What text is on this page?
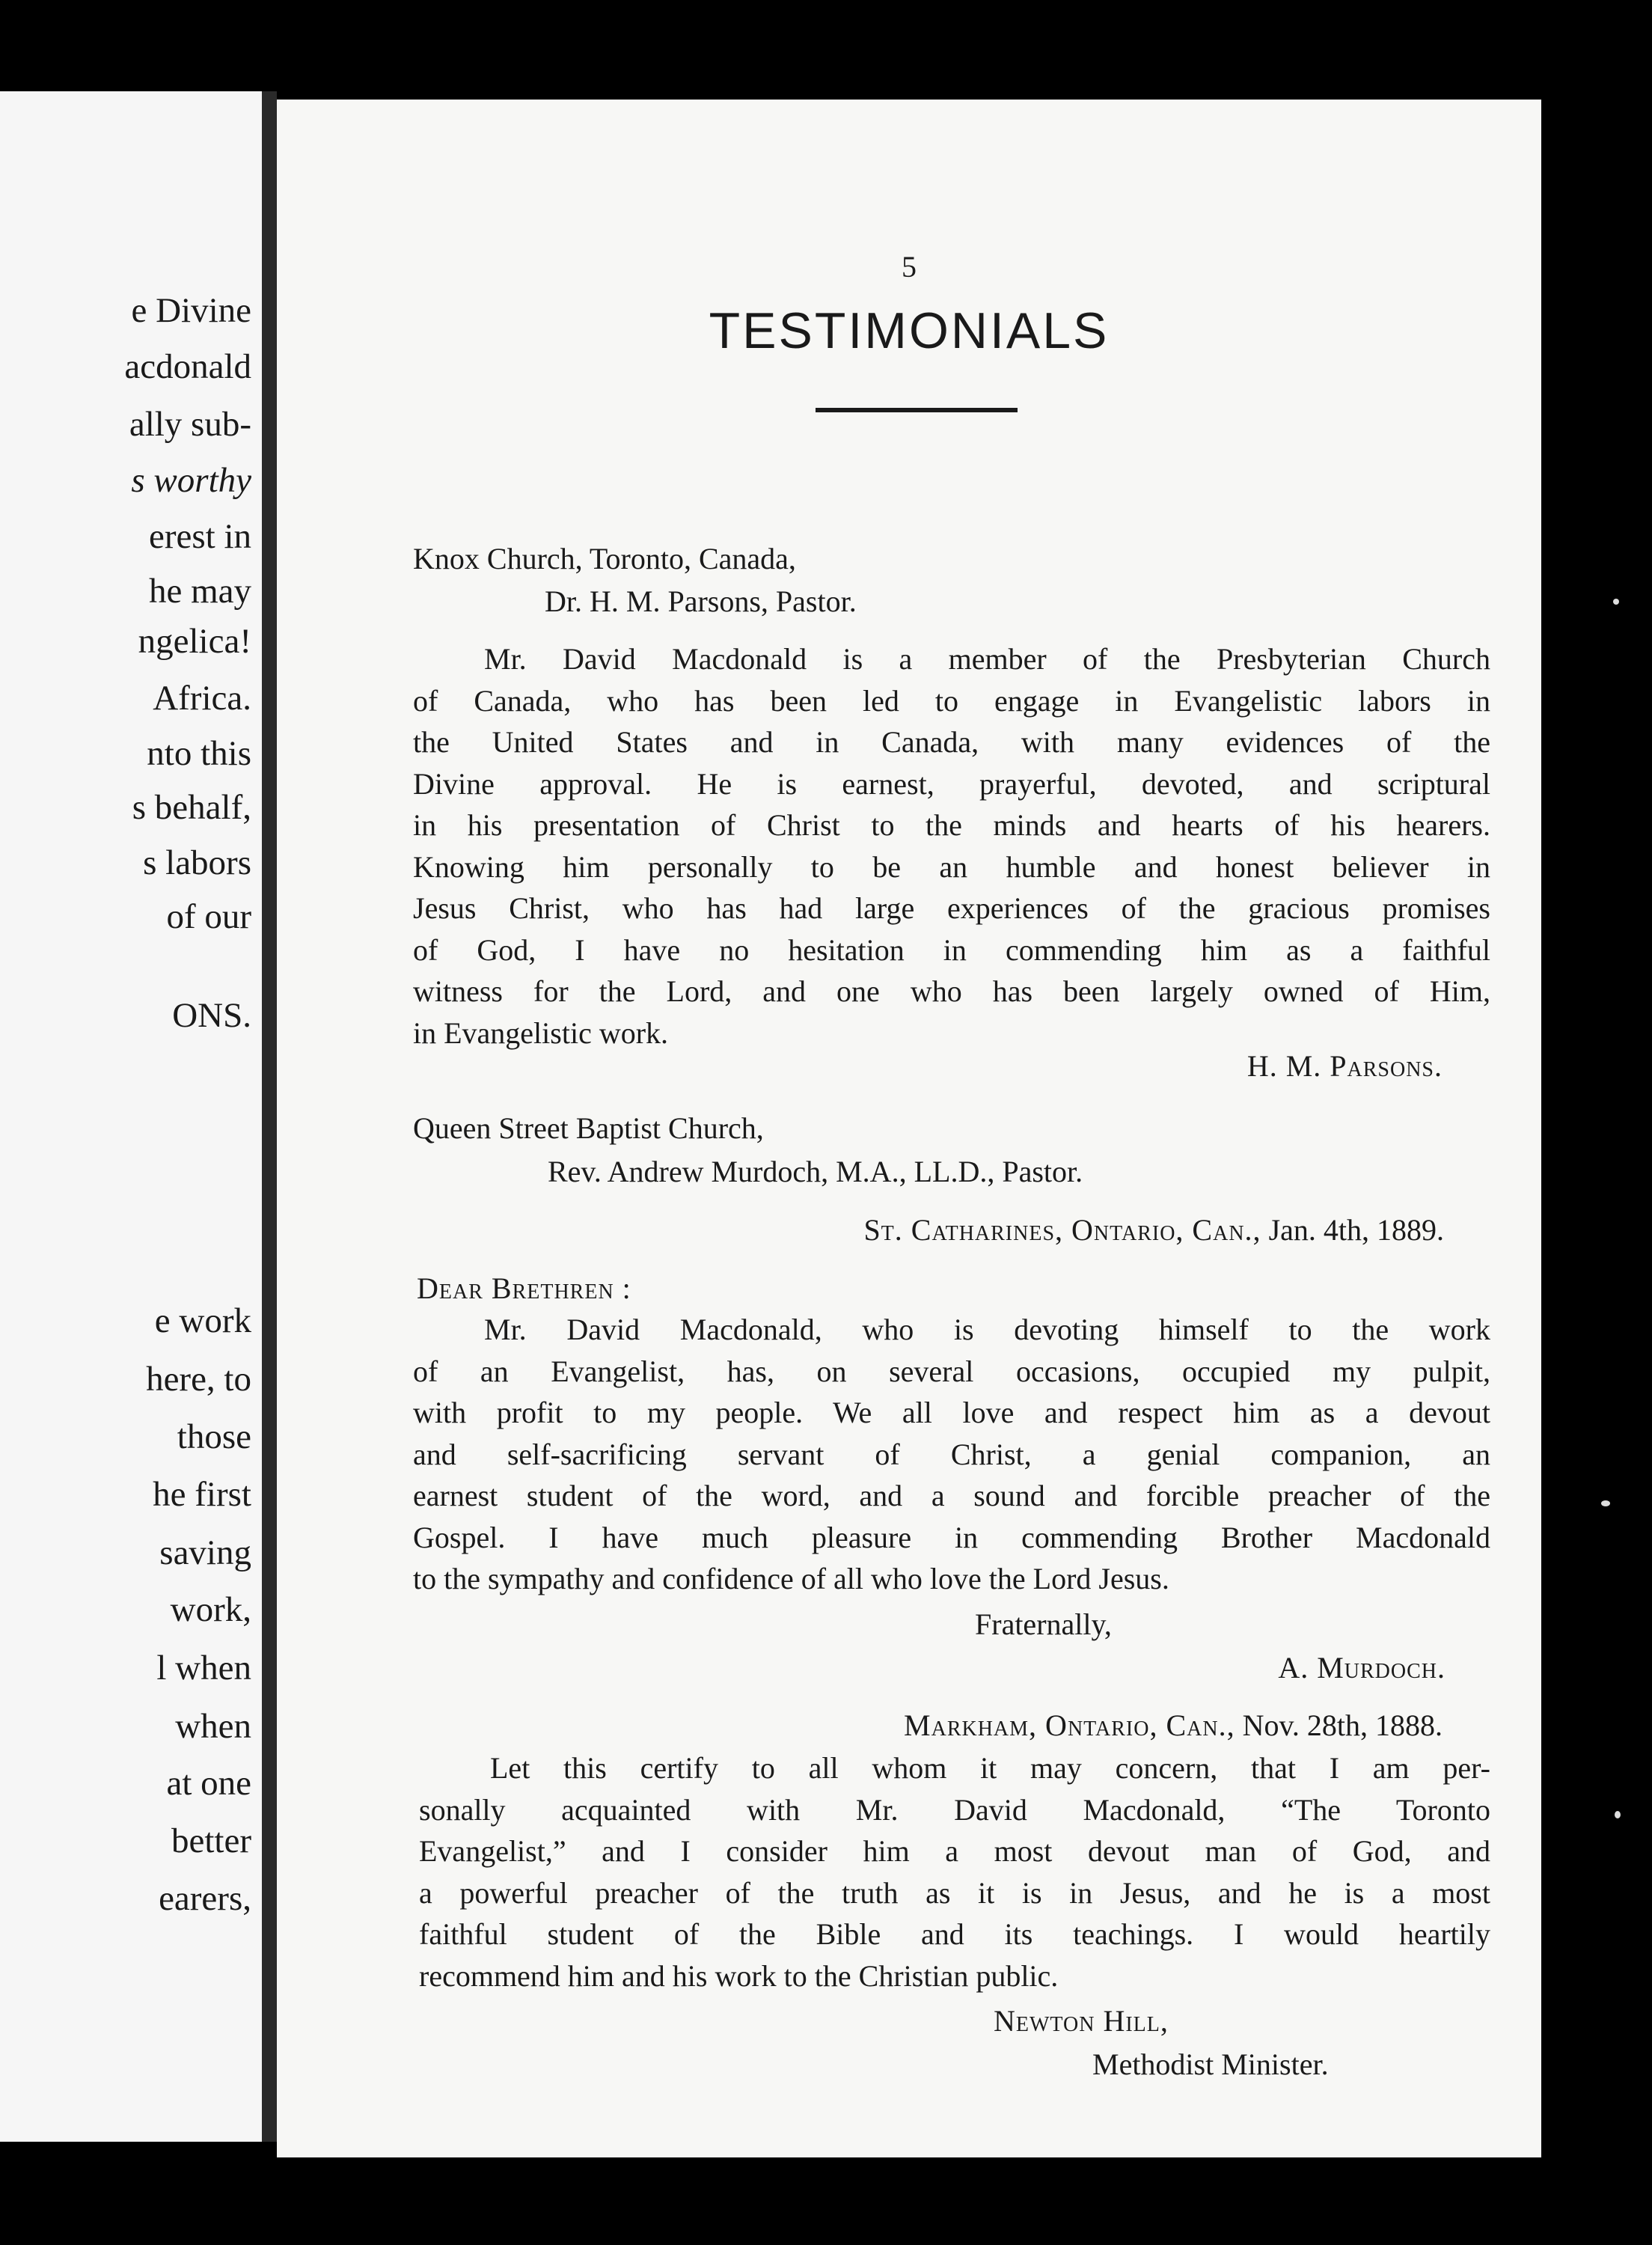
e Divine
acdonald
ally sub-
s worthy
erest in
he may
ngelica!
Africa.
nto this
s behalf,
s labors
of our
ONS.
e work
here, to
those
he first
saving
work,
l when
when
at one
better
earers,
5
TESTIMONIALS
Knox Church, Toronto, Canada,
Dr. H. M. Parsons, Pastor.

Mr. David Macdonald is a member of the Presbyterian Church

of Canada, who has been led to engage in Evangelistic labors in

the United States and in Canada, with many evidences of the

Divine approval. He is earnest, prayerful, devoted, and scriptural

in his presentation of Christ to the minds and hearts of his hearers.

Knowing him personally to be an humble and honest believer in

Jesus Christ, who has had large experiences of the gracious promises

of God, I have no hesitation in commending him as a faithful

witness for the Lord, and one who has been largely owned of Him,

in Evangelistic work.

H. M. Parsons.
Queen Street Baptist Church,
Rev. Andrew Murdoch, M.A., LL.D., Pastor.
St. Catharines, Ontario, Can., Jan. 4th, 1889.
Dear Brethren :

Mr. David Macdonald, who is devoting himself to the work

of an Evangelist, has, on several occasions, occupied my pulpit,

with profit to my people. We all love and respect him as a devout

and self-sacrificing servant of Christ, a genial companion, an

earnest student of the word, and a sound and forcible preacher of the

Gospel. I have much pleasure in commending Brother Macdonald

to the sympathy and confidence of all who love the Lord Jesus.

Fraternally,
A. Murdoch.
Markham, Ontario, Can., Nov. 28th, 1888.

Let this certify to all whom it may concern, that I am per-

sonally acquainted with Mr. David Macdonald, “The Toronto

Evangelist,” and I consider him a most devout man of God, and

a powerful preacher of the truth as it is in Jesus, and he is a most

faithful student of the Bible and its teachings. I would heartily

recommend him and his work to the Christian public.

Newton Hill,
Methodist Minister.
